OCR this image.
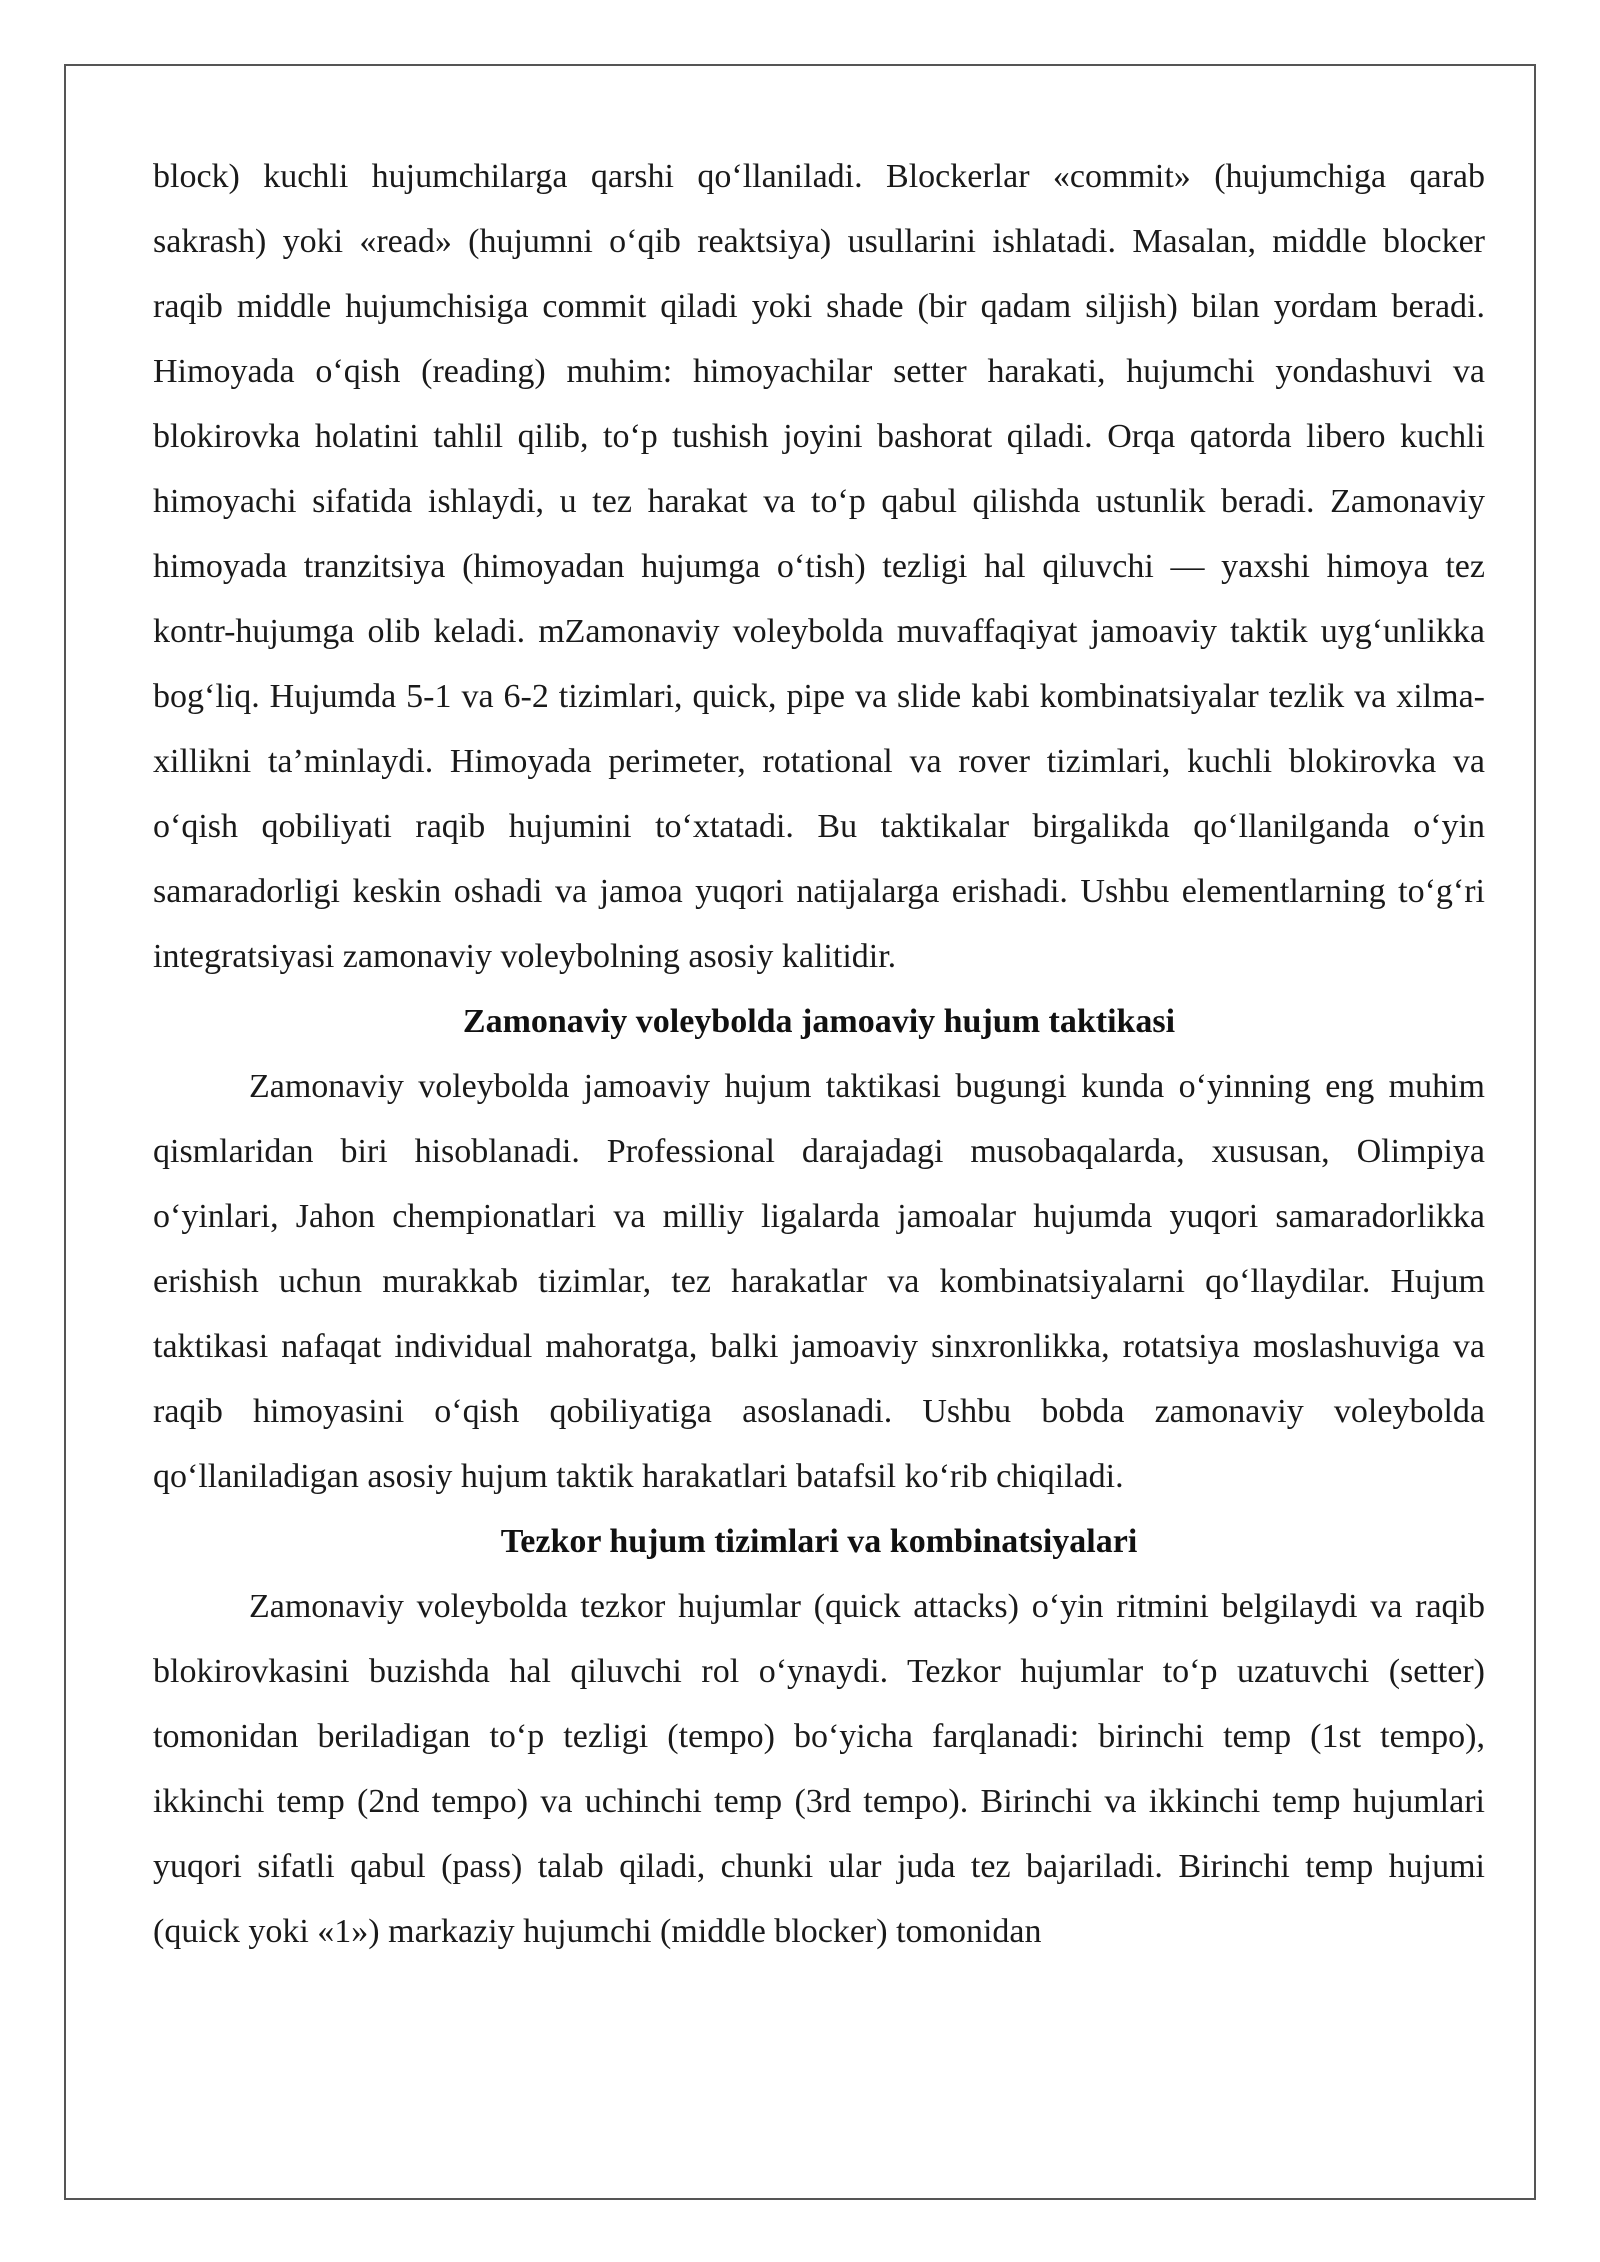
block) kuchli hujumchilarga qarshi qo‘llaniladi. Blockerlar «commit» (hujumchiga qarab sakrash) yoki «read» (hujumni o‘qib reaktsiya) usullarini ishlatadi. Masalan, middle blocker raqib middle hujumchisiga commit qiladi yoki shade (bir qadam siljish) bilan yordam beradi. Himoyada o‘qish (reading) muhim: himoyachilar setter harakati, hujumchi yondashuvi va blokirovka holatini tahlil qilib, to‘p tushish joyini bashorat qiladi. Orqa qatorda libero kuchli himoyachi sifatida ishlaydi, u tez harakat va to‘p qabul qilishda ustunlik beradi. Zamonaviy himoyada tranzitsiya (himoyadan hujumga o‘tish) tezligi hal qiluvchi — yaxshi himoya tez kontr-hujumga olib keladi. mZamonaviy voleybolda muvaffaqiyat jamoaviy taktik uyg‘unlikka bog‘liq. Hujumda 5-1 va 6-2 tizimlari, quick, pipe va slide kabi kombinatsiyalar tezlik va xilma-xillikni ta’minlaydi. Himoyada perimeter, rotational va rover tizimlari, kuchli blokirovka va o‘qish qobiliyati raqib hujumini to‘xtatadi. Bu taktikalar birgalikda qo‘llanilganda o‘yin samaradorligi keskin oshadi va jamoa yuqori natijalarga erishadi. Ushbu elementlarning to‘g‘ri integratsiyasi zamonaviy voleybolning asosiy kalitidir.

Zamonaviy voleybolda jamoaviy hujum taktikasi

Zamonaviy voleybolda jamoaviy hujum taktikasi bugungi kunda o‘yinning eng muhim qismlaridan biri hisoblanadi. Professional darajadagi musobaqalarda, xususan, Olimpiya o‘yinlari, Jahon chempionatlari va milliy ligalarda jamoalar hujumda yuqori samaradorlikka erishish uchun murakkab tizimlar, tez harakatlar va kombinatsiyalarni qo‘llaydilar. Hujum taktikasi nafaqat individual mahoratga, balki jamoaviy sinxronlikka, rotatsiya moslashuviga va raqib himoyasini o‘qish qobiliyatiga asoslanadi. Ushbu bobda zamonaviy voleybolda qo‘llaniladigan asosiy hujum taktik harakatlari batafsil ko‘rib chiqiladi.

Tezkor hujum tizimlari va kombinatsiyalari

Zamonaviy voleybolda tezkor hujumlar (quick attacks) o‘yin ritmini belgilaydi va raqib blokirovkasini buzishda hal qiluvchi rol o‘ynaydi. Tezkor hujumlar to‘p uzatuvchi (setter) tomonidan beriladigan to‘p tezligi (tempo) bo‘yicha farqlanadi: birinchi temp (1st tempo), ikkinchi temp (2nd tempo) va uchinchi temp (3rd tempo). Birinchi va ikkinchi temp hujumlari yuqori sifatli qabul (pass) talab qiladi, chunki ular juda tez bajariladi. Birinchi temp hujumi (quick yoki «1») markaziy hujumchi (middle blocker) tomonidan
